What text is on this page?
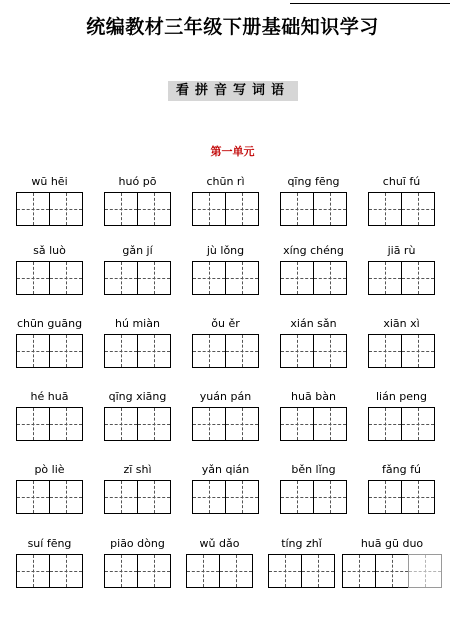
统编教材三年级下册基础知识学习
看拼音写词语
第一单元
wū hēi	huó pō	chūn rì	qīng fēng	chuī fú
sǎ luò	gǎn jí	jù lǒng	xíng chéng	jiā rù
chūn guāng	hú miàn	ǒu ěr	xián sǎn	xiān xì
hé huā	qīng xiāng	yuán pán	huā bàn	lián peng
pò liè	zī shì	yǎn qián	běn lǐng	fǎng fú
suí fēng	piāo dòng	wǔ dǎo	tíng zhǐ	huā gū duo
